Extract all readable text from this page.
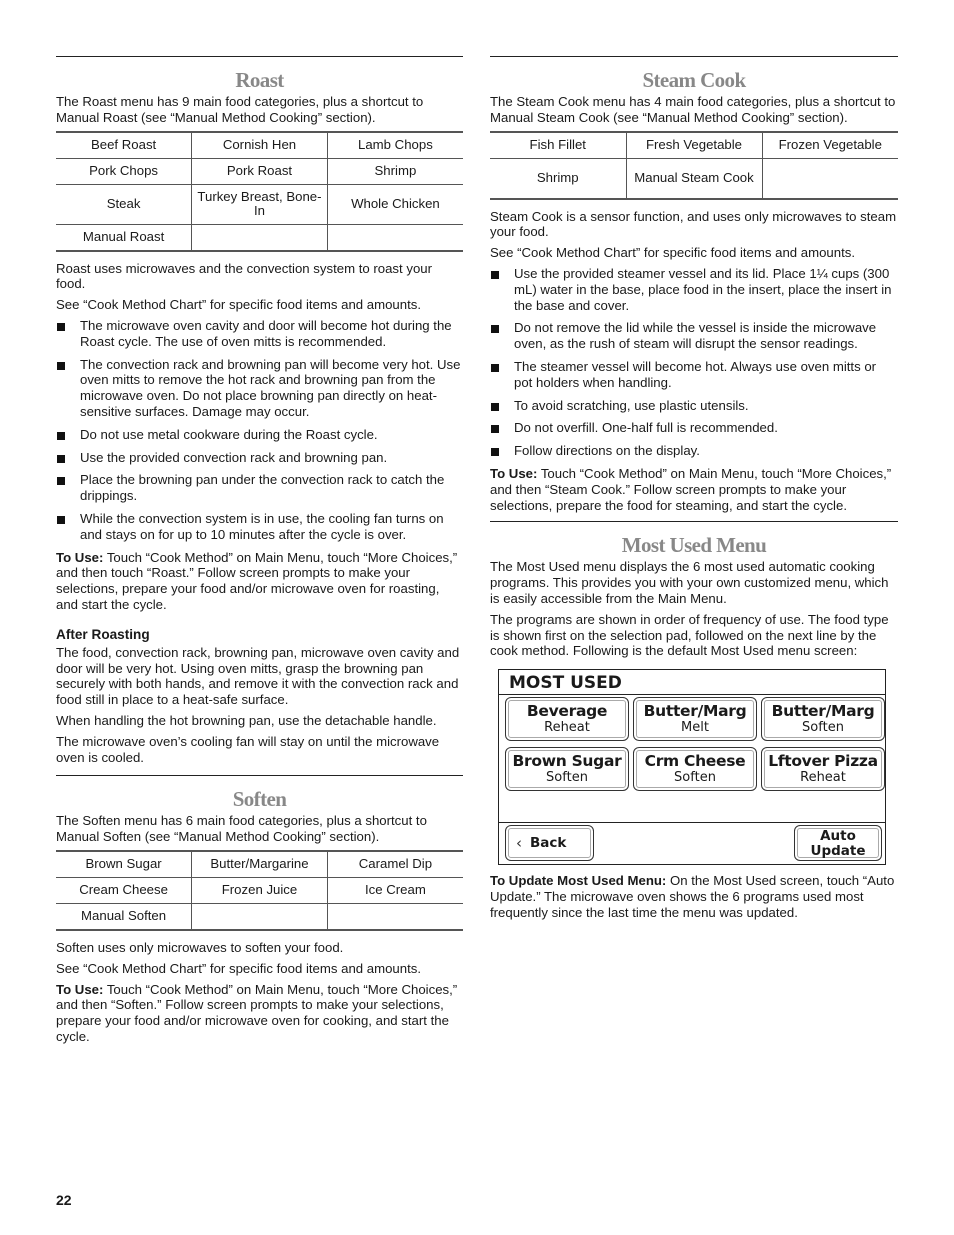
Roast

The Roast menu has 9 main food categories, plus a shortcut to Manual Roast (see “Manual Method Cooking” section).

Beef Roast	Cornish Hen	Lamb Chops
Pork Chops	Pork Roast	Shrimp
Steak	Turkey Breast, Bone-In	Whole Chicken
Manual Roast		

Roast uses microwaves and the convection system to roast your food.

See “Cook Method Chart” for specific food items and amounts.

The microwave oven cavity and door will become hot during the Roast cycle. The use of oven mitts is recommended.
The convection rack and browning pan will become very hot. Use oven mitts to remove the hot rack and browning pan from the microwave oven. Do not place browning pan directly on heat-sensitive surfaces. Damage may occur.
Do not use metal cookware during the Roast cycle.
Use the provided convection rack and browning pan.
Place the browning pan under the convection rack to catch the drippings.
While the convection system is in use, the cooling fan turns on and stays on for up to 10 minutes after the cycle is over.

To Use: Touch “Cook Method” on Main Menu, touch “More Choices,” and then touch “Roast.” Follow screen prompts to make your selections, prepare your food and/or microwave oven for roasting, and start the cycle.

After Roasting

The food, convection rack, browning pan, microwave oven cavity and door will be very hot. Using oven mitts, grasp the browning pan securely with both hands, and remove it with the convection rack and food still in place to a heat-safe surface.

When handling the hot browning pan, use the detachable handle.

The microwave oven’s cooling fan will stay on until the microwave oven is cooled.

Soften

The Soften menu has 6 main food categories, plus a shortcut to Manual Soften (see “Manual Method Cooking” section).

Brown Sugar	Butter/Margarine	Caramel Dip
Cream Cheese	Frozen Juice	Ice Cream
Manual Soften		

Soften uses only microwaves to soften your food.

See “Cook Method Chart” for specific food items and amounts.

To Use: Touch “Cook Method” on Main Menu, touch “More Choices,” and then “Soften.” Follow screen prompts to make your selections, prepare your food and/or microwave oven for cooking, and start the cycle.

Steam Cook

The Steam Cook menu has 4 main food categories, plus a shortcut to Manual Steam Cook (see “Manual Method Cooking” section).

Fish Fillet	Fresh Vegetable	Frozen Vegetable
Shrimp	Manual Steam Cook	

Steam Cook is a sensor function, and uses only microwaves to steam your food.

See “Cook Method Chart” for specific food items and amounts.

Use the provided steamer vessel and its lid. Place 1¼ cups (300 mL) water in the base, place food in the insert, place the insert in the base and cover.
Do not remove the lid while the vessel is inside the microwave oven, as the rush of steam will disrupt the sensor readings.
The steamer vessel will become hot. Always use oven mitts or pot holders when handling.
To avoid scratching, use plastic utensils.
Do not overfill. One-half full is recommended.
Follow directions on the display.

To Use: Touch “Cook Method” on Main Menu, touch “More Choices,” and then “Steam Cook.” Follow screen prompts to make your selections, prepare the food for steaming, and start the cycle.

Most Used Menu

The Most Used menu displays the 6 most used automatic cooking programs. This provides you with your own customized menu, which is easily accessible from the Main Menu.

The programs are shown in order of frequency of use. The food type is shown first on the selection pad, followed on the next line by the cook method. Following is the default Most Used menu screen:

MOST USED
Beverage
Reheat
Butter/Marg
Melt
Butter/Marg
Soften
Brown Sugar
Soften
Crm Cheese
Soften
Lftover Pizza
Reheat
‹ Back	Auto
Update

To Update Most Used Menu: On the Most Used screen, touch “Auto Update.” The microwave oven shows the 6 programs used most frequently since the last time the menu was updated.

22
